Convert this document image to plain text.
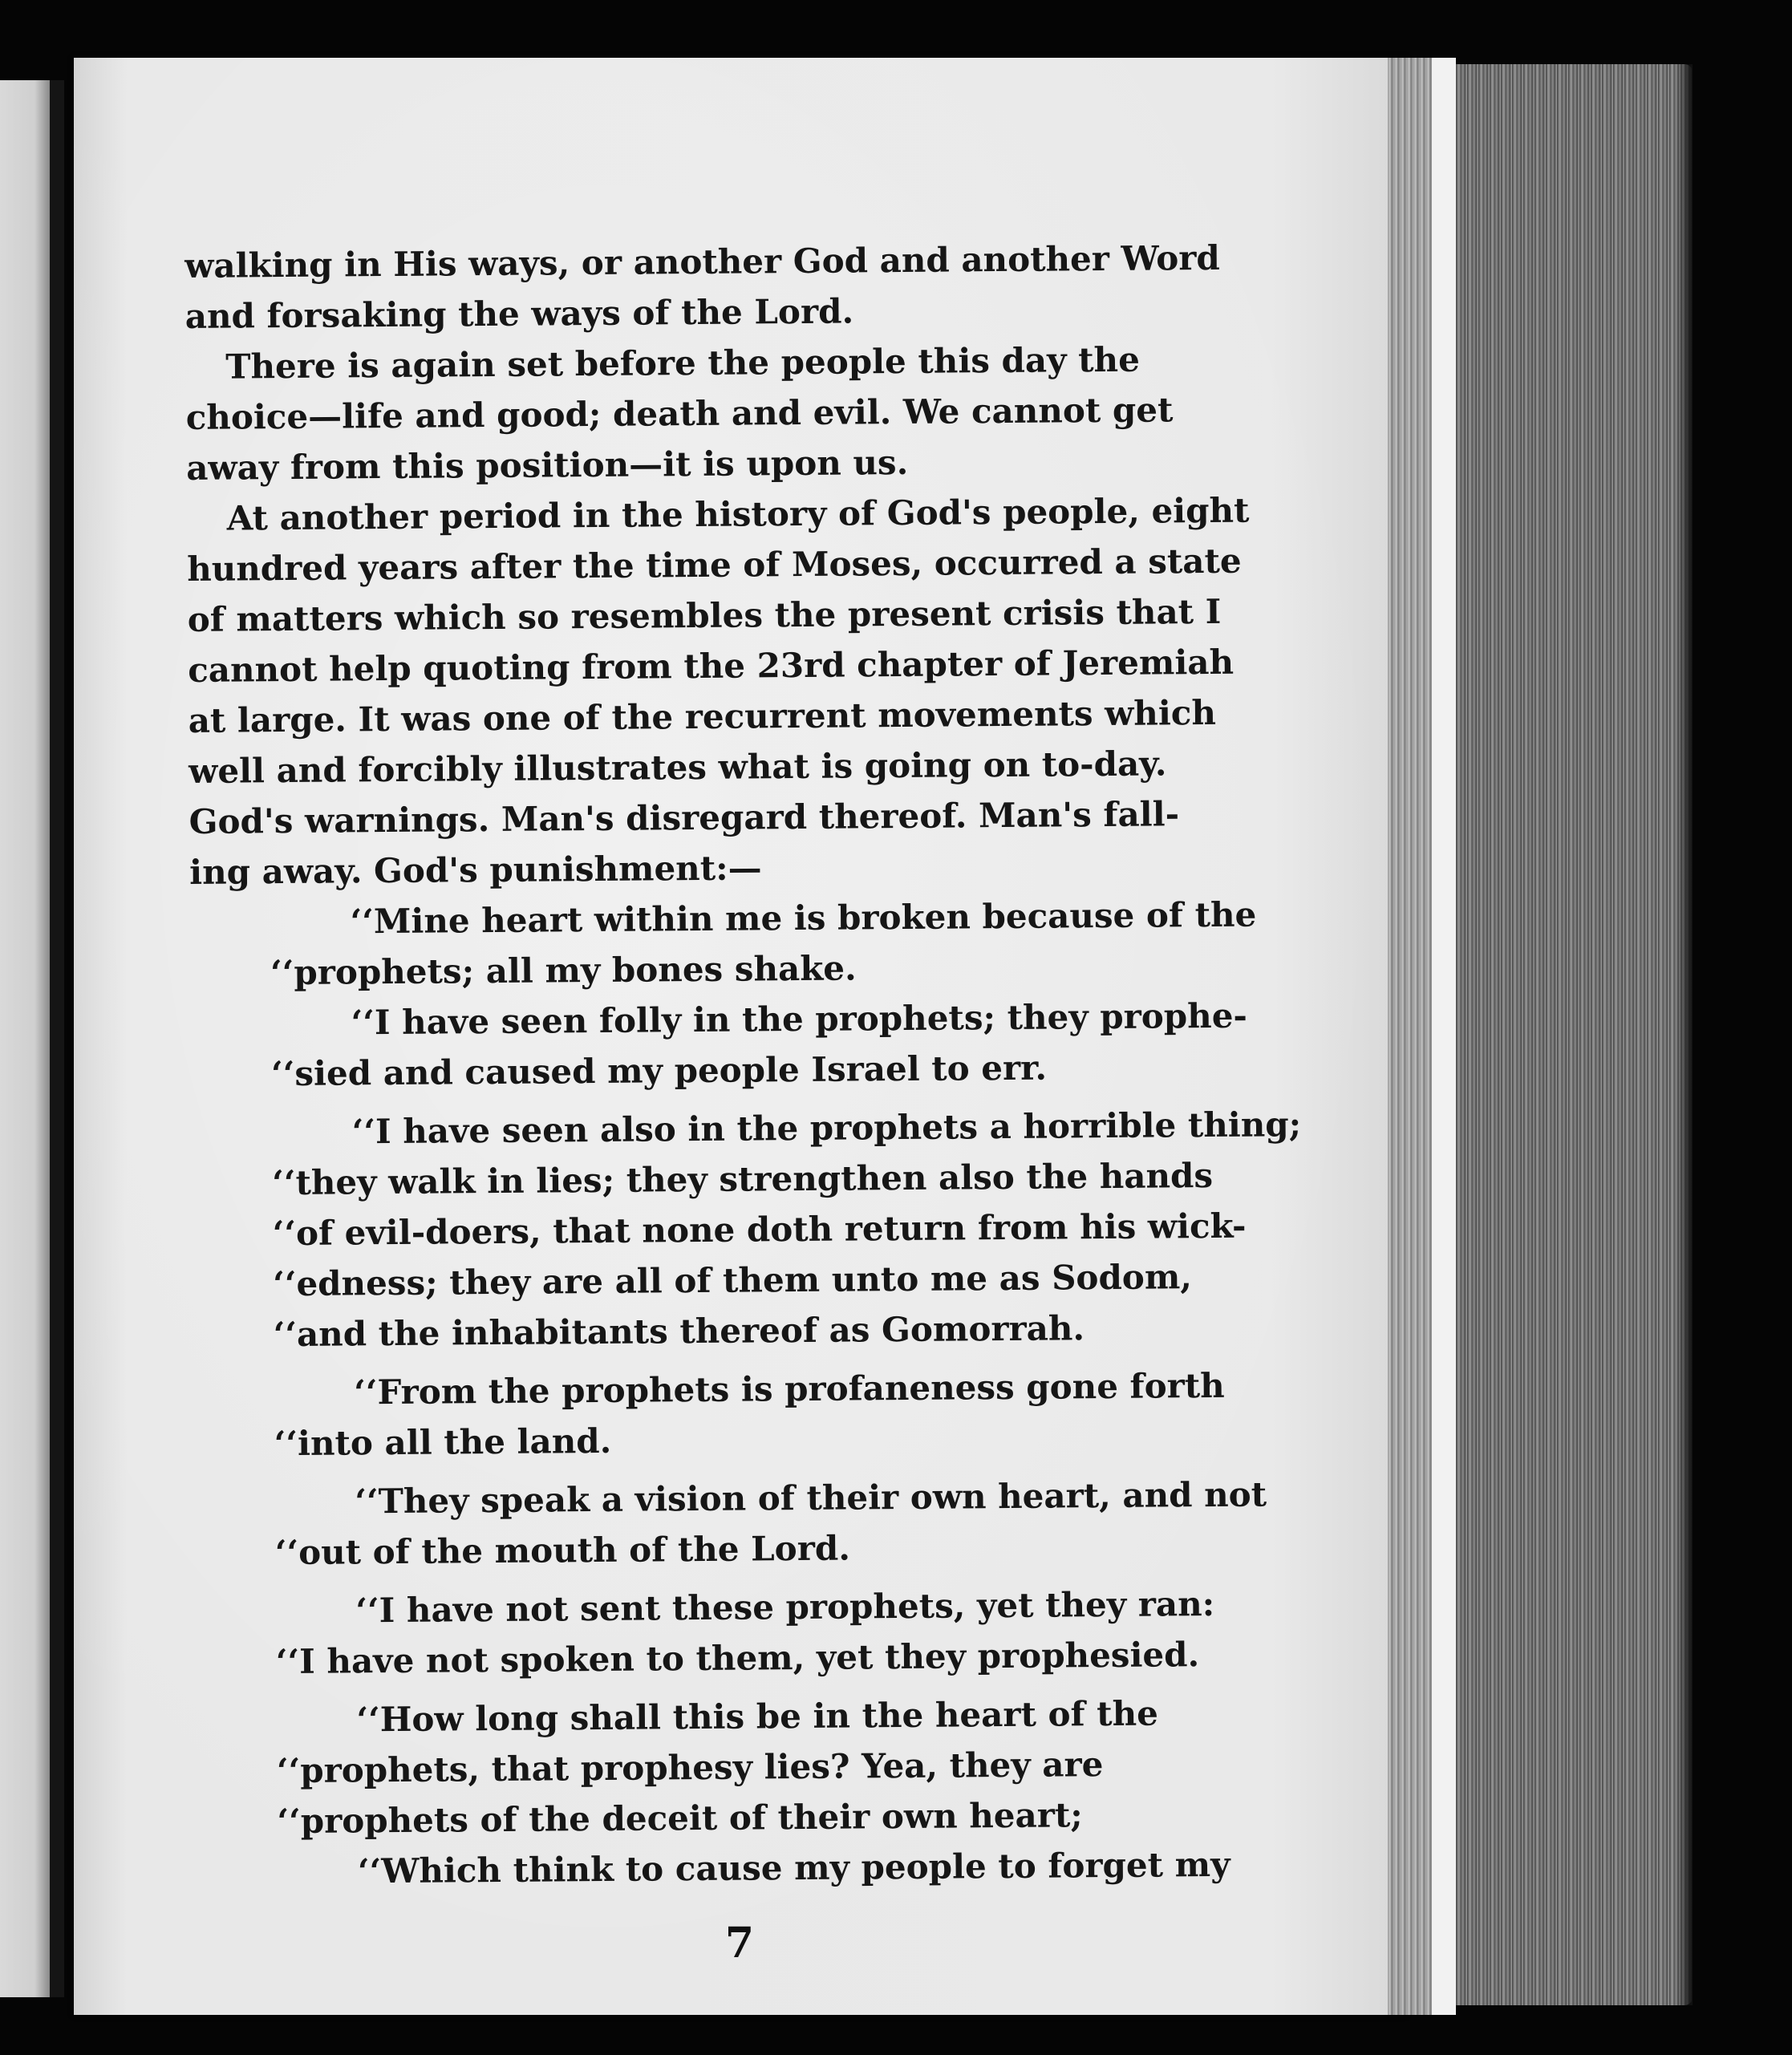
7
walking in His ways, or another God and another Word
and forsaking the ways of the Lord.
There is again set before the people this day the
choice—life and good; death and evil. We cannot get
away from this position—it is upon us.
At another period in the history of God's people, eight
hundred years after the time of Moses, occurred a state
of matters which so resembles the present crisis that I
cannot help quoting from the 23rd chapter of Jeremiah
at large. It was one of the recurrent movements which
well and forcibly illustrates what is going on to-day.
God's warnings. Man's disregard thereof. Man's fall-
ing away. God's punishment:—
‘‘Mine heart within me is broken because of the
‘‘prophets; all my bones shake.
‘‘I have seen folly in the prophets; they prophe-
‘‘sied and caused my people Israel to err.
‘‘I have seen also in the prophets a horrible thing;
‘‘they walk in lies; they strengthen also the hands
‘‘of evil-doers, that none doth return from his wick-
‘‘edness; they are all of them unto me as Sodom,
‘‘and the inhabitants thereof as Gomorrah.
‘‘From the prophets is profaneness gone forth
‘‘into all the land.
‘‘They speak a vision of their own heart, and not
‘‘out of the mouth of the Lord.
‘‘I have not sent these prophets, yet they ran:
‘‘I have not spoken to them, yet they prophesied.
‘‘How long shall this be in the heart of the
‘‘prophets, that prophesy lies? Yea, they are
‘‘prophets of the deceit of their own heart;
‘‘Which think to cause my people to forget my
